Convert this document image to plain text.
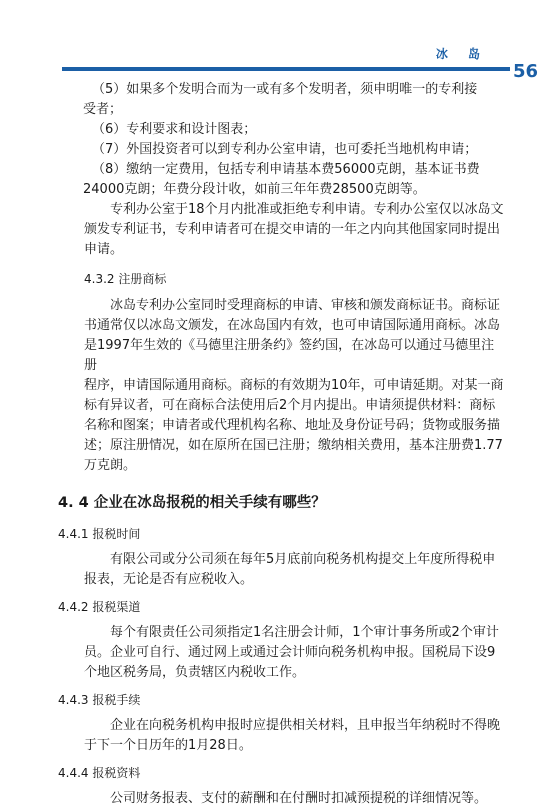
冰 岛
56

（5）如果多个发明合而为一或有多个发明者，须申明唯一的专利接

受者；

（6）专利要求和设计图表；

（7）外国投资者可以到专利办公室申请，也可委托当地机构申请；

（8）缴纳一定费用，包括专利申请基本费56000克朗，基本证书费

24000克朗；年费分段计收，如前三年年费28500克朗等。

专利办公室于18个月内批准或拒绝专利申请。专利办公室仅以冰岛文

颁发专利证书，专利申请者可在提交申请的一年之内向其他国家同时提出

申请。

4.3.2 注册商标

冰岛专利办公室同时受理商标的申请、审核和颁发商标证书。商标证

书通常仅以冰岛文颁发，在冰岛国内有效，也可申请国际通用商标。冰岛

是1997年生效的《马德里注册条约》签约国，在冰岛可以通过马德里注册

程序，申请国际通用商标。商标的有效期为10年，可申请延期。对某一商

标有异议者，可在商标合法使用后2个月内提出。申请须提供材料：商标

名称和图案；申请者或代理机构名称、地址及身份证号码；货物或服务描

述；原注册情况，如在原所在国已注册；缴纳相关费用，基本注册费1.77

万克朗。

4. 4 企业在冰岛报税的相关手续有哪些？
4.4.1 报税时间

有限公司或分公司须在每年5月底前向税务机构提交上年度所得税申

报表，无论是否有应税收入。

4.4.2 报税渠道

每个有限责任公司须指定1名注册会计师，1个审计事务所或2个审计

员。企业可自行、通过网上或通过会计师向税务机构申报。国税局下设9

个地区税务局，负责辖区内税收工作。

4.4.3 报税手续

企业在向税务机构申报时应提供相关材料，且申报当年纳税时不得晚

于下一个日历年的1月28日。

4.4.4 报税资料

公司财务报表、支付的薪酬和在付酬时扣减预提税的详细情况等。
